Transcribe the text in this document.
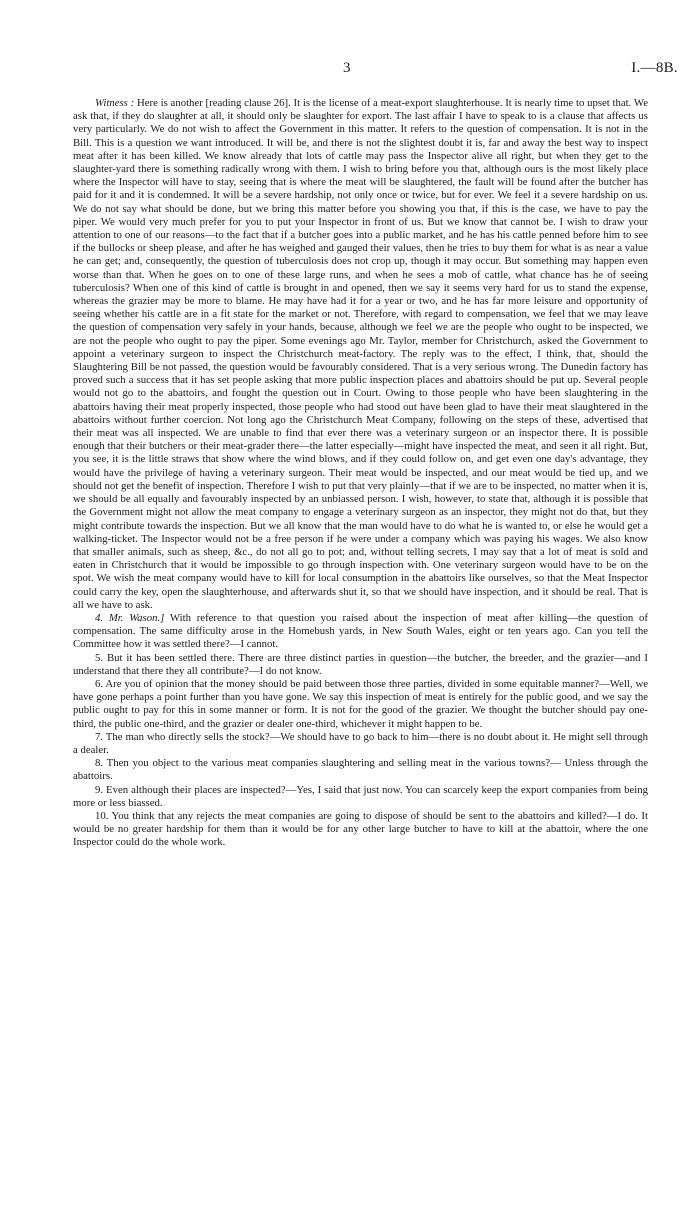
3	I.—8B.

Witness : Here is another [reading clause 26]. It is the license of a meat-export slaughterhouse. It is nearly time to upset that. We ask that, if they do slaughter at all, it should only be slaughter for export. The last affair I have to speak to is a clause that affects us very particularly. We do not wish to affect the Government in this matter. It refers to the question of compensation. It is not in the Bill. This is a question we want introduced. It will be, and there is not the slightest doubt it is, far and away the best way to inspect meat after it has been killed. We know already that lots of cattle may pass the Inspector alive all right, but when they get to the slaughter-yard there is something radically wrong with them. I wish to bring before you that, although ours is the most likely place where the Inspector will have to stay, seeing that is where the meat will be slaughtered, the fault will be found after the butcher has paid for it and it is condemned. It will be a severe hardship, not only once or twice, but for ever. We feel it a severe hardship on us. We do not say what should be done, but we bring this matter before you showing you that, if this is the case, we have to pay the piper. We would very much prefer for you to put your Inspector in front of us. But we know that cannot be. I wish to draw your attention to one of our reasons—to the fact that if a butcher goes into a public market, and he has his cattle penned before him to see if the bullocks or sheep please, and after he has weighed and gauged their values, then he tries to buy them for what is as near a value he can get; and, consequently, the question of tuberculosis does not crop up, though it may occur. But something may happen even worse than that. When he goes on to one of these large runs, and when he sees a mob of cattle, what chance has he of seeing tuberculosis? When one of this kind of cattle is brought in and opened, then we say it seems very hard for us to stand the expense, whereas the grazier may be more to blame. He may have had it for a year or two, and he has far more leisure and opportunity of seeing whether his cattle are in a fit state for the market or not. Therefore, with regard to compensation, we feel that we may leave the question of compensation very safely in your hands, because, although we feel we are the people who ought to be inspected, we are not the people who ought to pay the piper. Some evenings ago Mr. Taylor, member for Christchurch, asked the Government to appoint a veterinary surgeon to inspect the Christchurch meat-factory. The reply was to the effect, I think, that, should the Slaughtering Bill be not passed, the question would be favourably considered. That is a very serious wrong. The Dunedin factory has proved such a success that it has set people asking that more public inspection places and abattoirs should be put up. Several people would not go to the abattoirs, and fought the question out in Court. Owing to those people who have been slaughtering in the abattoirs having their meat properly inspected, those people who had stood out have been glad to have their meat slaughtered in the abattoirs without further coercion. Not long ago the Christchurch Meat Company, following on the steps of these, advertised that their meat was all inspected. We are unable to find that ever there was a veterinary surgeon or an inspector there. It is possible enough that their butchers or their meat-grader there—the latter especially—might have inspected the meat, and seen it all right. But, you see, it is the little straws that show where the wind blows, and if they could follow on, and get even one day's advantage, they would have the privilege of having a veterinary surgeon. Their meat would be inspected, and our meat would be tied up, and we should not get the benefit of inspection. Therefore I wish to put that very plainly—that if we are to be inspected, no matter when it is, we should be all equally and favourably inspected by an unbiassed person. I wish, however, to state that, although it is possible that the Government might not allow the meat company to engage a veterinary surgeon as an inspector, they might not do that, but they might contribute towards the inspection. But we all know that the man would have to do what he is wanted to, or else he would get a walking-ticket. The Inspector would not be a free person if he were under a company which was paying his wages. We also know that smaller animals, such as sheep, &c., do not all go to pot; and, without telling secrets, I may say that a lot of meat is sold and eaten in Christchurch that it would be impossible to go through inspection with. One veterinary surgeon would have to be on the spot. We wish the meat company would have to kill for local consumption in the abattoirs like ourselves, so that the Meat Inspector could carry the key, open the slaughterhouse, and afterwards shut it, so that we should have inspection, and it should be real. That is all we have to ask.

4. Mr. Wason.] With reference to that question you raised about the inspection of meat after killing—the question of compensation. The same difficulty arose in the Homebush yards, in New South Wales, eight or ten years ago. Can you tell the Committee how it was settled there?—I cannot.

5. But it has been settled there. There are three distinct parties in question—the butcher, the breeder, and the grazier—and I understand that there they all contribute?—I do not know.

6. Are you of opinion that the money should be paid between those three parties, divided in some equitable manner?—Well, we have gone perhaps a point further than you have gone. We say this inspection of meat is entirely for the public good, and we say the public ought to pay for this in some manner or form. It is not for the good of the grazier. We thought the butcher should pay one-third, the public one-third, and the grazier or dealer one-third, whichever it might happen to be.

7. The man who directly sells the stock?—We should have to go back to him—there is no doubt about it. He might sell through a dealer.

8. Then you object to the various meat companies slaughtering and selling meat in the various towns?— Unless through the abattoirs.

9. Even although their places are inspected?—Yes, I said that just now. You can scarcely keep the export companies from being more or less biassed.

10. You think that any rejects the meat companies are going to dispose of should be sent to the abattoirs and killed?—I do. It would be no greater hardship for them than it would be for any other large butcher to have to kill at the abattoir, where the one Inspector could do the whole work.
